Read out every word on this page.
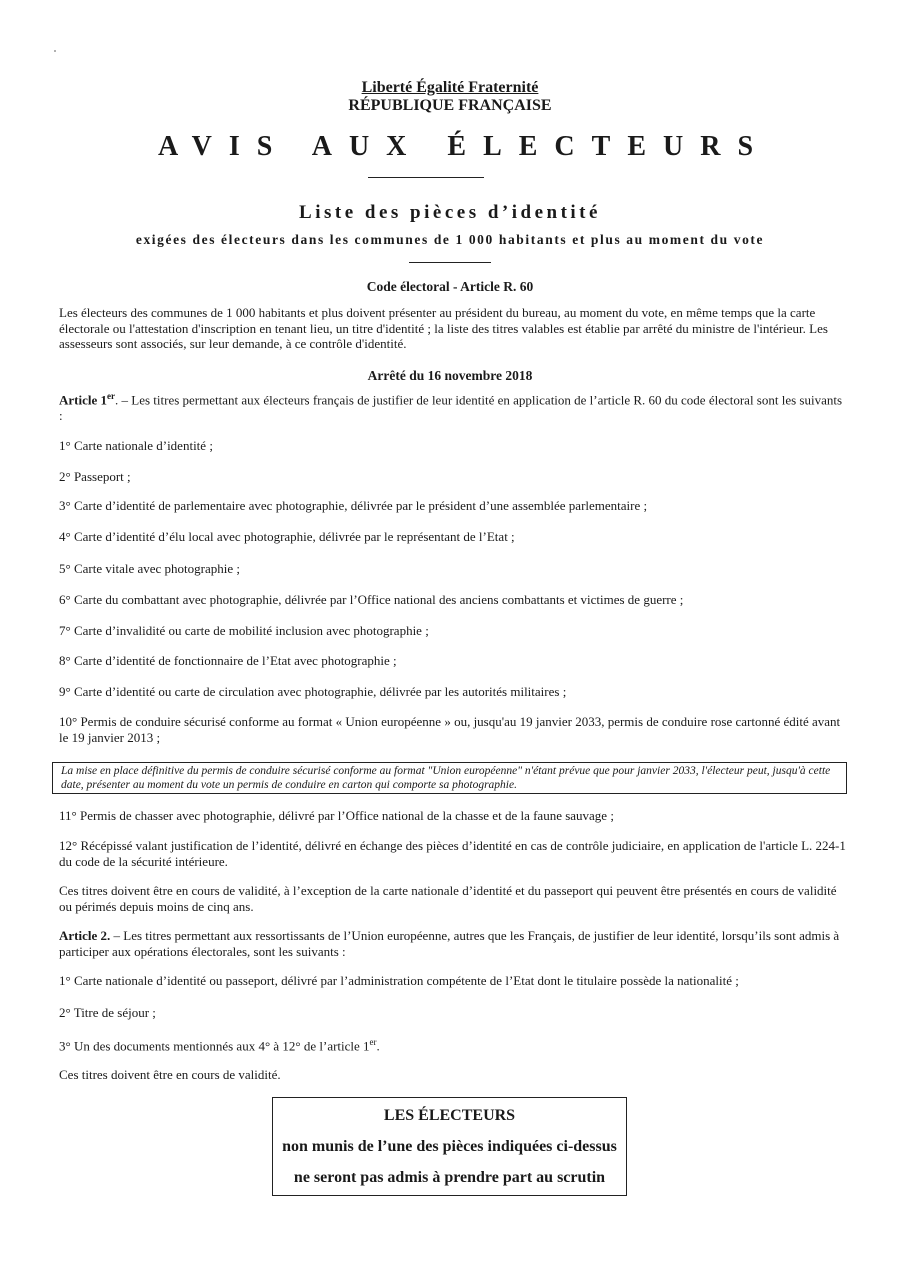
Liberté Égalité Fraternité
RÉPUBLIQUE FRANÇAISE
AVIS AUX ÉLECTEURS
Liste des pièces d’identité
exigées des électeurs dans les communes de 1 000 habitants et plus au moment du vote
Code électoral - Article R. 60
Les électeurs des communes de 1 000 habitants et plus doivent présenter au président du bureau, au moment du vote, en même temps que la carte électorale ou l'attestation d'inscription en tenant lieu, un titre d'identité ; la liste des titres valables est établie par arrêté du ministre de l'intérieur. Les assesseurs sont associés, sur leur demande, à ce contrôle d'identité.
Arrêté du 16 novembre 2018
Article 1er. – Les titres permettant aux électeurs français de justifier de leur identité en application de l’article R. 60 du code électoral sont les suivants :
1° Carte nationale d’identité ;
2° Passeport ;
3° Carte d’identité de parlementaire avec photographie, délivrée par le président d’une assemblée parlementaire ;
4° Carte d’identité d’élu local avec photographie, délivrée par le représentant de l’Etat ;
5° Carte vitale avec photographie ;
6° Carte du combattant avec photographie, délivrée par l’Office national des anciens combattants et victimes de guerre ;
7° Carte d’invalidité ou carte de mobilité inclusion avec photographie ;
8° Carte d’identité de fonctionnaire de l’Etat avec photographie ;
9° Carte d’identité ou carte de circulation avec photographie, délivrée par les autorités militaires ;
10° Permis de conduire sécurisé conforme au format « Union européenne » ou, jusqu'au 19 janvier 2033, permis de conduire rose cartonné édité avant le 19 janvier 2013 ;
La mise en place définitive du permis de conduire sécurisé conforme au format "Union européenne" n'étant prévue que pour janvier 2033, l'électeur peut, jusqu'à cette date, présenter au moment du vote un permis de conduire en carton qui comporte sa photographie.
11° Permis de chasser avec photographie, délivré par l’Office national de la chasse et de la faune sauvage ;
12° Récépissé valant justification de l’identité, délivré en échange des pièces d’identité en cas de contrôle judiciaire, en application de l'article L. 224-1 du code de la sécurité intérieure.
Ces titres doivent être en cours de validité, à l’exception de la carte nationale d’identité et du passeport qui peuvent être présentés en cours de validité ou périmés depuis moins de cinq ans.
Article 2. – Les titres permettant aux ressortissants de l’Union européenne, autres que les Français, de justifier de leur identité, lorsqu’ils sont admis à participer aux opérations électorales, sont les suivants :
1° Carte nationale d’identité ou passeport, délivré par l’administration compétente de l’Etat dont le titulaire possède la nationalité ;
2° Titre de séjour ;
3° Un des documents mentionnés aux 4° à 12° de l’article 1er.
Ces titres doivent être en cours de validité.
LES ÉLECTEURS
non munis de l’une des pièces indiquées ci-dessus
ne seront pas admis à prendre part au scrutin
